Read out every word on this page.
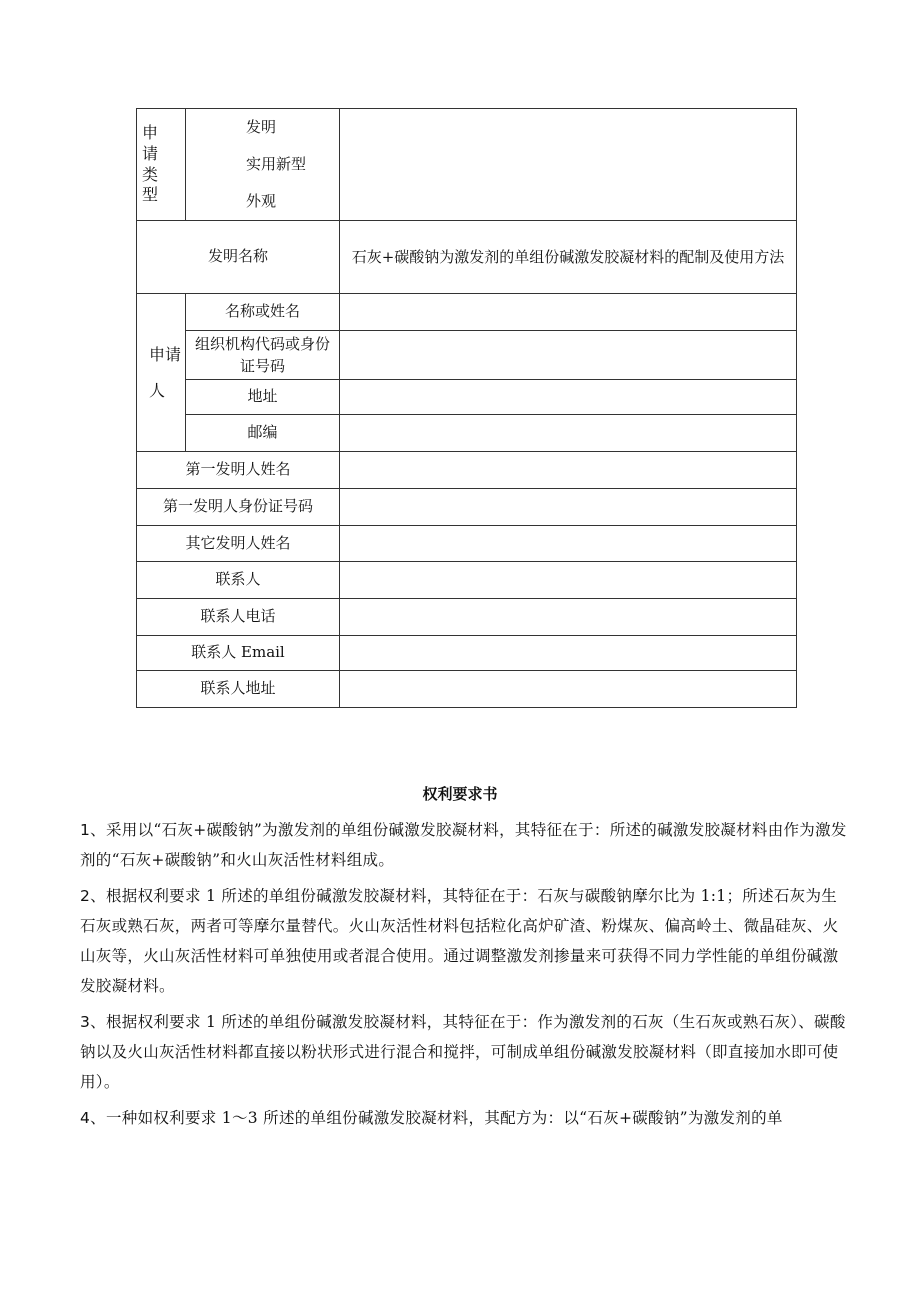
申请类型	发明
实用新型
外观	

发明名称		石灰+碳酸钠为激发剂的单组份碱激发胶凝材料的配制及使用方法

申请人	名称或姓名	
	组织机构代码或身份证号码	
	地址	
	邮编	
第一发明人姓名		
第一发明人身份证号码		
其它发明人姓名		
联系人		
联系人电话		
联系人 Email		
联系人地址		
权利要求书

1、采用以“石灰+碳酸钠”为激发剂的单组份碱激发胶凝材料，其特征在于：所述的碱激发胶凝材料由作为激发剂的“石灰+碳酸钠”和火山灰活性材料组成。

2、根据权利要求 1 所述的单组份碱激发胶凝材料，其特征在于：石灰与碳酸钠摩尔比为 1:1；所述石灰为生石灰或熟石灰，两者可等摩尔量替代。火山灰活性材料包括粒化高炉矿渣、粉煤灰、偏高岭土、微晶硅灰、火山灰等，火山灰活性材料可单独使用或者混合使用。通过调整激发剂掺量来可获得不同力学性能的单组份碱激发胶凝材料。

3、根据权利要求 1 所述的单组份碱激发胶凝材料，其特征在于：作为激发剂的石灰（生石灰或熟石灰）、碳酸钠以及火山灰活性材料都直接以粉状形式进行混合和搅拌，可制成单组份碱激发胶凝材料（即直接加水即可使用）。

4、一种如权利要求 1～3 所述的单组份碱激发胶凝材料，其配方为：以“石灰+碳酸钠”为激发剂的单
